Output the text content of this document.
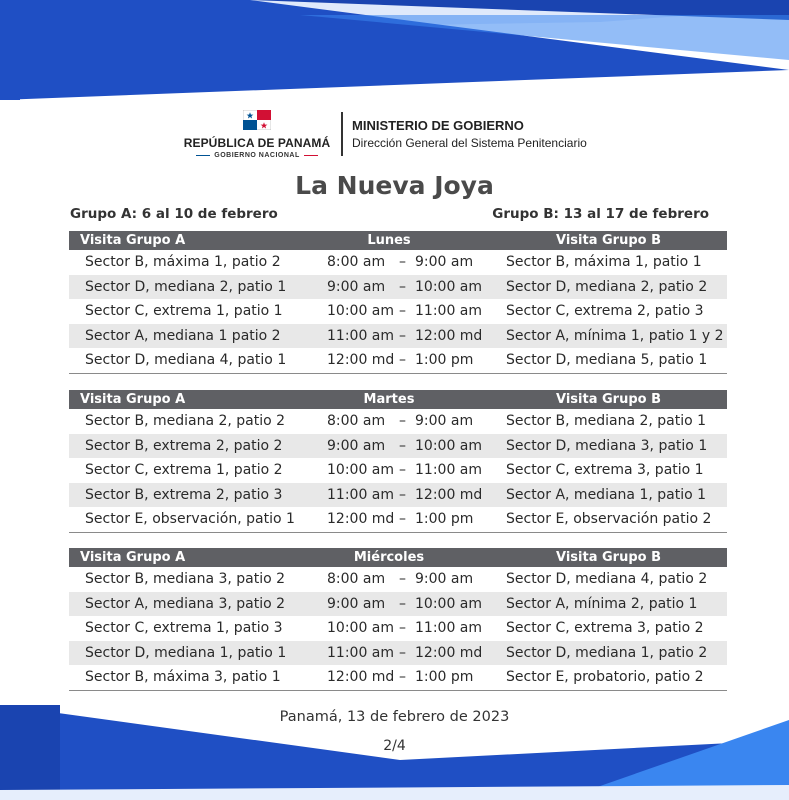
REPÚBLICA DE PANAMÁ
GOBIERNO NACIONAL
MINISTERIO DE GOBIERNO
Dirección General del Sistema Penitenciario
La Nueva Joya
Grupo A: 6 al 10 de febrero	Grupo B: 13 al 17 de febrero
Visita Grupo A	Lunes	Visita Grupo B
Sector B, máxima 1, patio 2	8:00 am – 9:00 am Sector B, máxima 1, patio 1
Sector D, mediana 2, patio 1	9:00 am – 10:00 am Sector D, mediana 2, patio 2
Sector C, extrema 1, patio 1	10:00 am – 11:00 am Sector C, extrema 2, patio 3
Sector A, mediana 1 patio 2	11:00 am – 12:00 md Sector A, mínima 1, patio 1 y 2
Sector D, mediana 4, patio 1	12:00 md – 1:00 pm Sector D, mediana 5, patio 1
Visita Grupo A	Martes	Visita Grupo B
Sector B, mediana 2, patio 2	8:00 am – 9:00 am Sector B, mediana 2, patio 1
Sector B, extrema 2, patio 2	9:00 am – 10:00 am Sector D, mediana 3, patio 1
Sector C, extrema 1, patio 2	10:00 am – 11:00 am Sector C, extrema 3, patio 1
Sector B, extrema 2, patio 3	11:00 am – 12:00 md Sector A, mediana 1, patio 1
Sector E, observación, patio 1 12:00 md – 1:00 pm Sector E, observación patio 2
Visita Grupo A	Miércoles	Visita Grupo B
Sector B, mediana 3, patio 2	8:00 am – 9:00 am Sector D, mediana 4, patio 2
Sector A, mediana 3, patio 2	9:00 am – 10:00 am Sector A, mínima 2, patio 1
Sector C, extrema 1, patio 3	10:00 am – 11:00 am Sector C, extrema 3, patio 2
Sector D, mediana 1, patio 1	11:00 am – 12:00 md Sector D, mediana 1, patio 2
Sector B, máxima 3, patio 1	12:00 md – 1:00 pm Sector E, probatorio, patio 2
Panamá, 13 de febrero de 2023
2/4
